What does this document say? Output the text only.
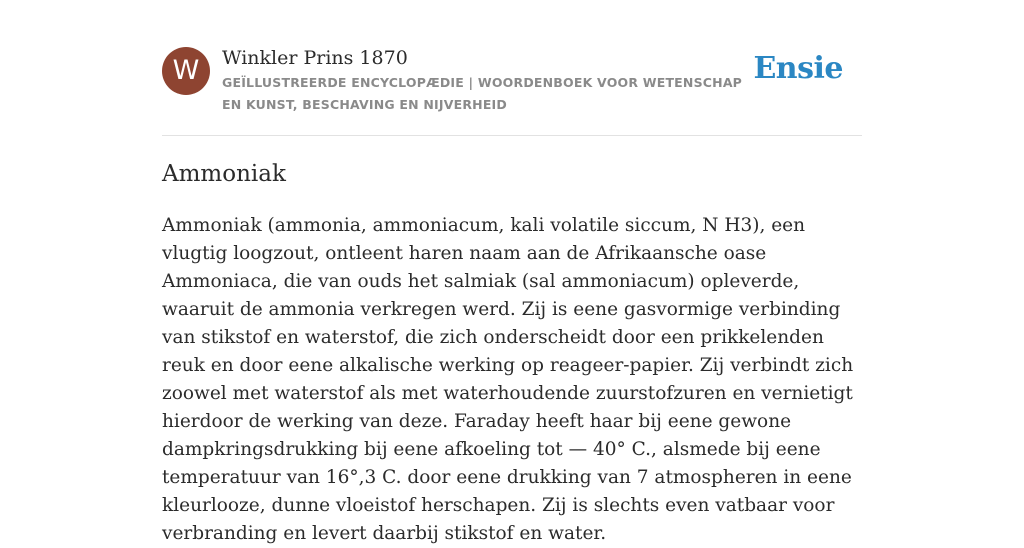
W	Winkler Prins 1870
GEÏLLUSTREERDE ENCYCLOPÆDIE | WOORDENBOEK VOOR WETENSCHAP EN KUNST, BESCHAVING EN NIJVERHEID
Ensie
Ammoniak

Ammoniak (ammonia, ammoniacum, kali volatile siccum, N H3), een vlugtig loogzout, ontleent haren naam aan de Afrikaansche oase Ammoniaca, die van ouds het salmiak (sal ammoniacum) opleverde, waaruit de ammonia verkregen werd. Zij is eene gasvormige verbinding van stikstof en waterstof, die zich onderscheidt door een prikkelenden reuk en door eene alkalische werking op reageer-papier. Zij verbindt zich zoowel met waterstof als met waterhoudende zuurstofzuren en vernietigt hierdoor de werking van deze. Faraday heeft haar bij eene gewone dampkringsdrukking bij eene afkoeling tot — 40° C., alsmede bij eene temperatuur van 16°,3 C. door eene drukking van 7 atmospheren in eene kleurlooze, dunne vloeistof herschapen. Zij is slechts even vatbaar voor verbranding en levert daarbij stikstof en water.
